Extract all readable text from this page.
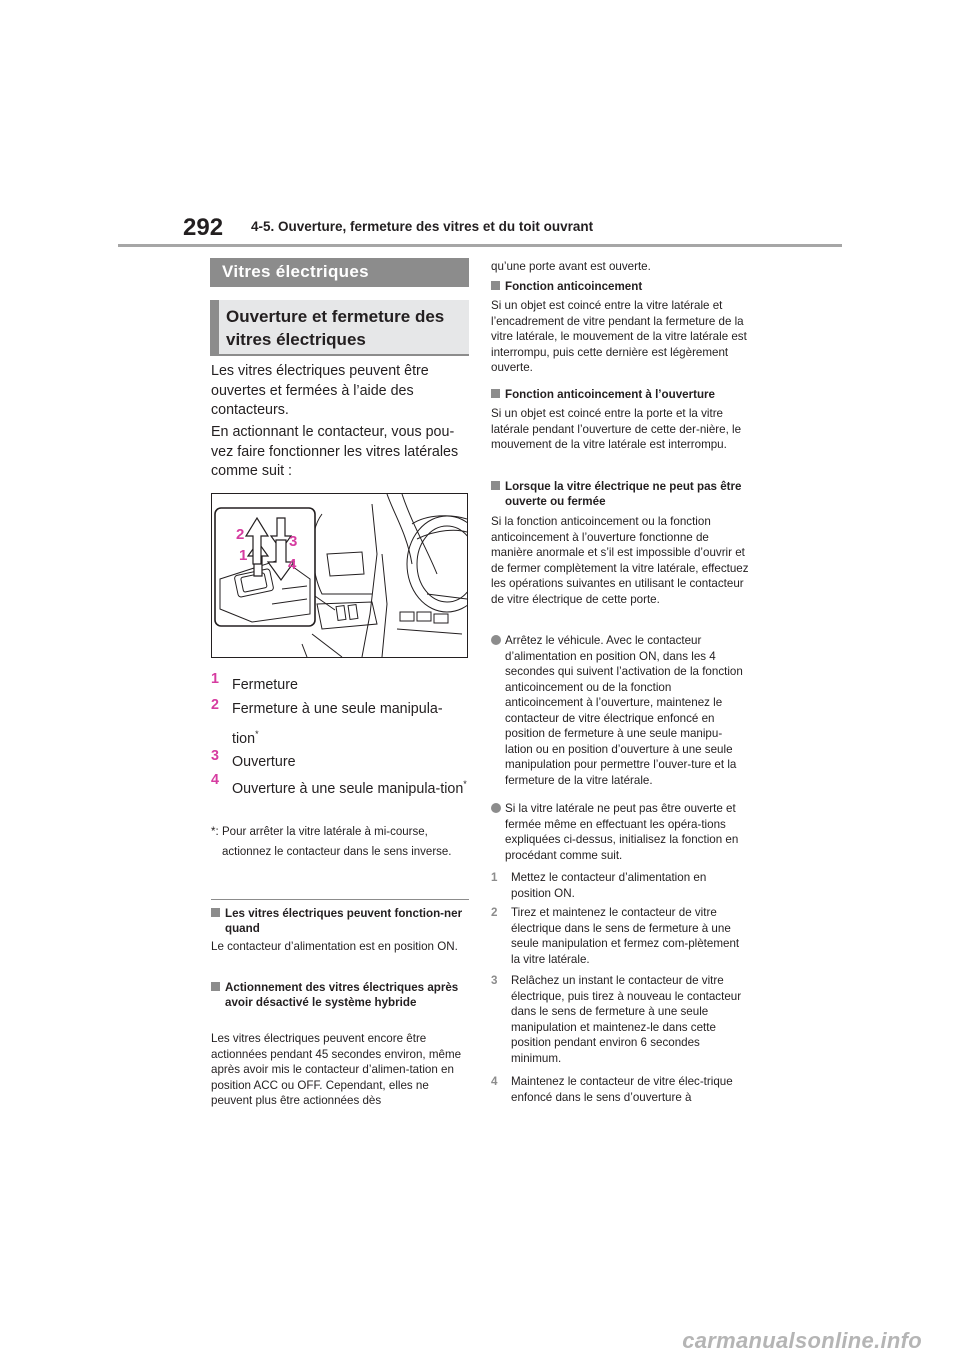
292 4-5. Ouverture, fermeture des vitres et du toit ouvrant
Vitres électriques
Ouverture et fermeture des vitres électriques
Les vitres électriques peuvent être ouvertes et fermées à l’aide des contacteurs.
En actionnant le contacteur, vous pou-vez faire fonctionner les vitres latérales comme suit :
2
1
3
4
1 Fermeture
2 Fermeture à une seule manipula-tion*
3 Ouverture
4
Ouverture à une seule manipula-tion*
*: Pour arrêter la vitre latérale à mi-course, actionnez le contacteur dans le sens inverse.
Les vitres électriques peuvent fonction-ner quand
Le contacteur d’alimentation est en position ON.
Actionnement des vitres électriques après avoir désactivé le système hybride
Les vitres électriques peuvent encore être actionnées pendant 45 secondes environ, même après avoir mis le contacteur d’alimen-tation en position ACC ou OFF. Cependant, elles ne peuvent plus être actionnées dès
qu’une porte avant est ouverte.
Fonction anticoincement
Si un objet est coincé entre la vitre latérale et l’encadrement de vitre pendant la fermeture de la vitre latérale, le mouvement de la vitre latérale est interrompu, puis cette dernière est légèrement ouverte.
Fonction anticoincement à l’ouverture
Si un objet est coincé entre la porte et la vitre latérale pendant l’ouverture de cette der-nière, le mouvement de la vitre latérale est interrompu.
Lorsque la vitre électrique ne peut pas être ouverte ou fermée
Si la fonction anticoincement ou la fonction anticoincement à l’ouverture fonctionne de manière anormale et s’il est impossible d’ouvrir et de fermer complètement la vitre latérale, effectuez les opérations suivantes en utilisant le contacteur de vitre électrique de cette porte.
Arrêtez le véhicule. Avec le contacteur d’alimentation en position ON, dans les 4 secondes qui suivent l’activation de la fonction anticoincement ou de la fonction anticoincement à l’ouverture, maintenez le contacteur de vitre électrique enfoncé en position de fermeture à une seule manipu-lation ou en position d’ouverture à une seule manipulation pour permettre l’ouver-ture et la fermeture de la vitre latérale.
Si la vitre latérale ne peut pas être ouverte et fermée même en effectuant les opéra-tions expliquées ci-dessus, initialisez la fonction en procédant comme suit.
1 Mettez le contacteur d’alimentation en position ON.
2 Tirez et maintenez le contacteur de vitre électrique dans le sens de fermeture à une seule manipulation et fermez com-plètement la vitre latérale.
3 Relâchez un instant le contacteur de vitre électrique, puis tirez à nouveau le contacteur dans le sens de fermeture à une seule manipulation et maintenez-le dans cette position pendant environ 6 secondes minimum.
4 Maintenez le contacteur de vitre élec-trique enfoncé dans le sens d’ouverture à
carmanualsonline.info
